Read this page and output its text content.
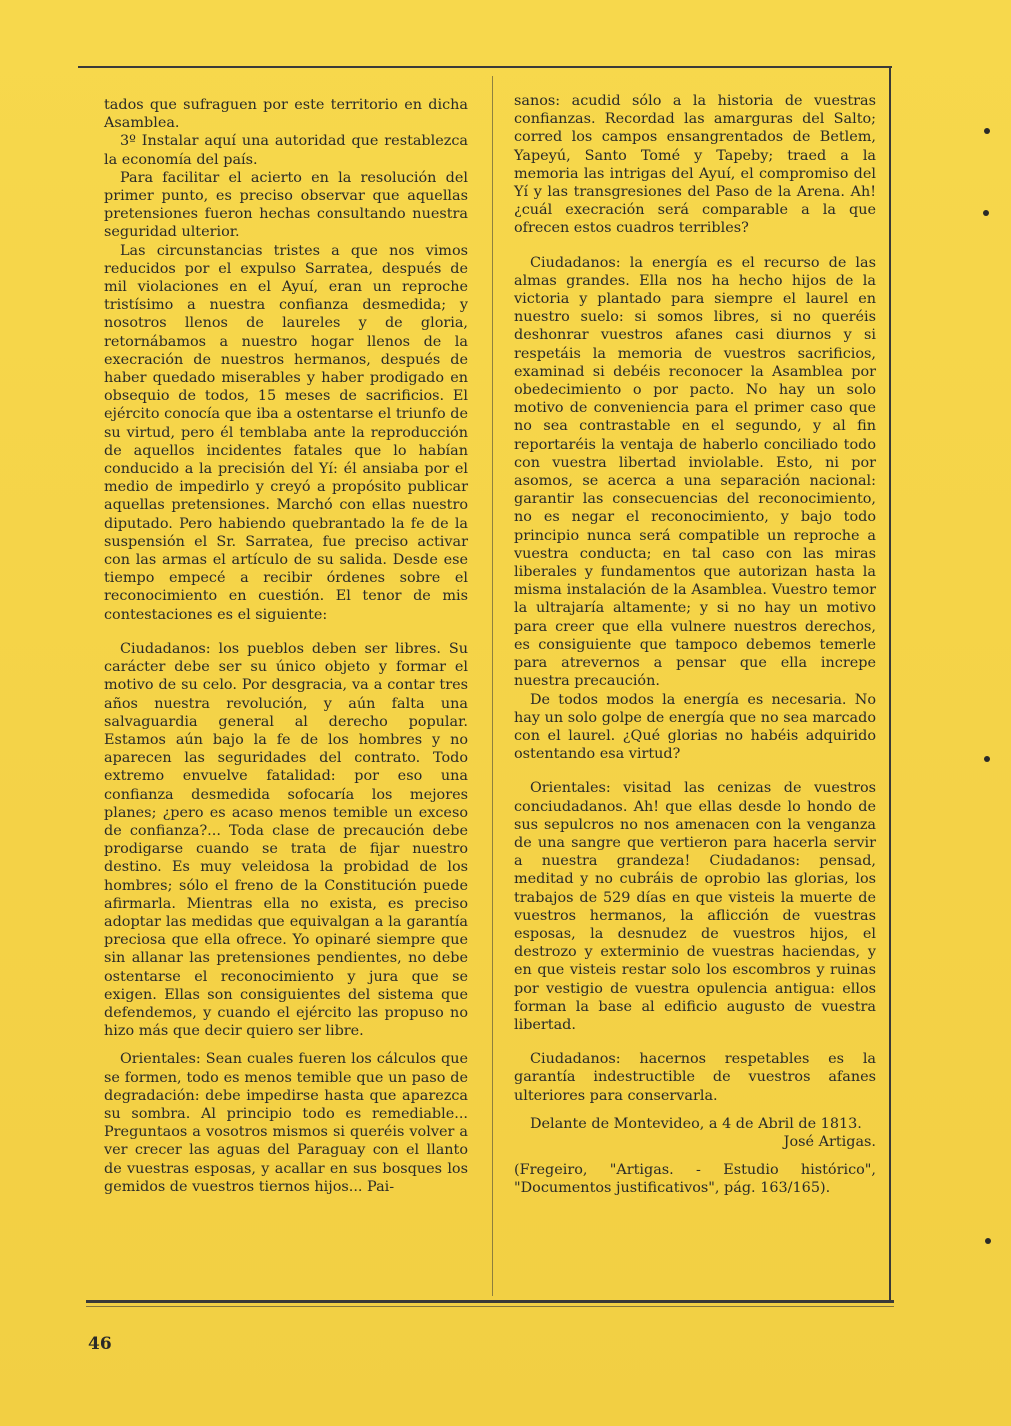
tados que sufraguen por este territorio en dicha Asamblea.

3º Instalar aquí una autoridad que restablezca la economía del país.

Para facilitar el acierto en la resolución del primer punto, es preciso observar que aquellas pretensiones fueron hechas consultando nuestra seguridad ulterior.

Las circunstancias tristes a que nos vimos reducidos por el expulso Sarratea, después de mil violaciones en el Ayuí, eran un reproche tristísimo a nuestra confianza desmedida; y nosotros llenos de laureles y de gloria, retornábamos a nuestro hogar llenos de la execración de nuestros hermanos, después de haber quedado miserables y haber prodigado en obsequio de todos, 15 meses de sacrificios. El ejército conocía que iba a ostentarse el triunfo de su virtud, pero él temblaba ante la reproducción de aquellos incidentes fatales que lo habían conducido a la precisión del Yí: él ansiaba por el medio de impedirlo y creyó a propósito publicar aquellas pretensiones. Marchó con ellas nuestro diputado. Pero habiendo quebrantado la fe de la suspensión el Sr. Sarratea, fue preciso activar con las armas el artículo de su salida. Desde ese tiempo empecé a recibir órdenes sobre el reconocimiento en cuestión. El tenor de mis contestaciones es el siguiente:

Ciudadanos: los pueblos deben ser libres. Su carácter debe ser su único objeto y formar el motivo de su celo. Por desgracia, va a contar tres años nuestra revolución, y aún falta una salvaguardia general al derecho popular. Estamos aún bajo la fe de los hombres y no aparecen las seguridades del contrato. Todo extremo envuelve fatalidad: por eso una confianza desmedida sofocaría los mejores planes; ¿pero es acaso menos temible un exceso de confianza?... Toda clase de precaución debe prodigarse cuando se trata de fijar nuestro destino. Es muy veleidosa la probidad de los hombres; sólo el freno de la Constitución puede afirmarla. Mientras ella no exista, es preciso adoptar las medidas que equivalgan a la garantía preciosa que ella ofrece. Yo opinaré siempre que sin allanar las pretensiones pendientes, no debe ostentarse el reconocimiento y jura que se exigen. Ellas son consiguientes del sistema que defendemos, y cuando el ejército las propuso no hizo más que decir quiero ser libre.

Orientales: Sean cuales fueren los cálculos que se formen, todo es menos temible que un paso de degradación: debe impedirse hasta que aparezca su sombra. Al principio todo es remediable... Preguntaos a vosotros mismos si queréis volver a ver crecer las aguas del Paraguay con el llanto de vuestras esposas, y acallar en sus bosques los gemidos de vuestros tiernos hijos... Pai-

sanos: acudid sólo a la historia de vuestras confianzas. Recordad las amarguras del Salto; corred los campos ensangrentados de Betlem, Yapeyú, Santo Tomé y Tapeby; traed a la memoria las intrigas del Ayuí, el compromiso del Yí y las transgresiones del Paso de la Arena. Ah! ¿cuál execración será comparable a la que ofrecen estos cuadros terribles?

Ciudadanos: la energía es el recurso de las almas grandes. Ella nos ha hecho hijos de la victoria y plantado para siempre el laurel en nuestro suelo: si somos libres, si no queréis deshonrar vuestros afanes casi diurnos y si respetáis la memoria de vuestros sacrificios, examinad si debéis reconocer la Asamblea por obedecimiento o por pacto. No hay un solo motivo de conveniencia para el primer caso que no sea contrastable en el segundo, y al fin reportaréis la ventaja de haberlo conciliado todo con vuestra libertad inviolable. Esto, ni por asomos, se acerca a una separación nacional: garantir las consecuencias del reconocimiento, no es negar el reconocimiento, y bajo todo principio nunca será compatible un reproche a vuestra conducta; en tal caso con las miras liberales y fundamentos que autorizan hasta la misma instalación de la Asamblea. Vuestro temor la ultrajaría altamente; y si no hay un motivo para creer que ella vulnere nuestros derechos, es consiguiente que tampoco debemos temerle para atrevernos a pensar que ella increpe nuestra precaución.

De todos modos la energía es necesaria. No hay un solo golpe de energía que no sea marcado con el laurel. ¿Qué glorias no habéis adquirido ostentando esa virtud?

Orientales: visitad las cenizas de vuestros conciudadanos. Ah! que ellas desde lo hondo de sus sepulcros no nos amenacen con la venganza de una sangre que vertieron para hacerla servir a nuestra grandeza! Ciudadanos: pensad, meditad y no cubráis de oprobio las glorias, los trabajos de 529 días en que visteis la muerte de vuestros hermanos, la aflicción de vuestras esposas, la desnudez de vuestros hijos, el destrozo y exterminio de vuestras haciendas, y en que visteis restar solo los escombros y ruinas por vestigio de vuestra opulencia antigua: ellos forman la base al edificio augusto de vuestra libertad.

Ciudadanos: hacernos respetables es la garantía indestructible de vuestros afanes ulteriores para conservarla.

Delante de Montevideo, a 4 de Abril de 1813.

José Artigas.

(Fregeiro, "Artigas. - Estudio histórico", "Documentos justificativos", pág. 163/165).

46
